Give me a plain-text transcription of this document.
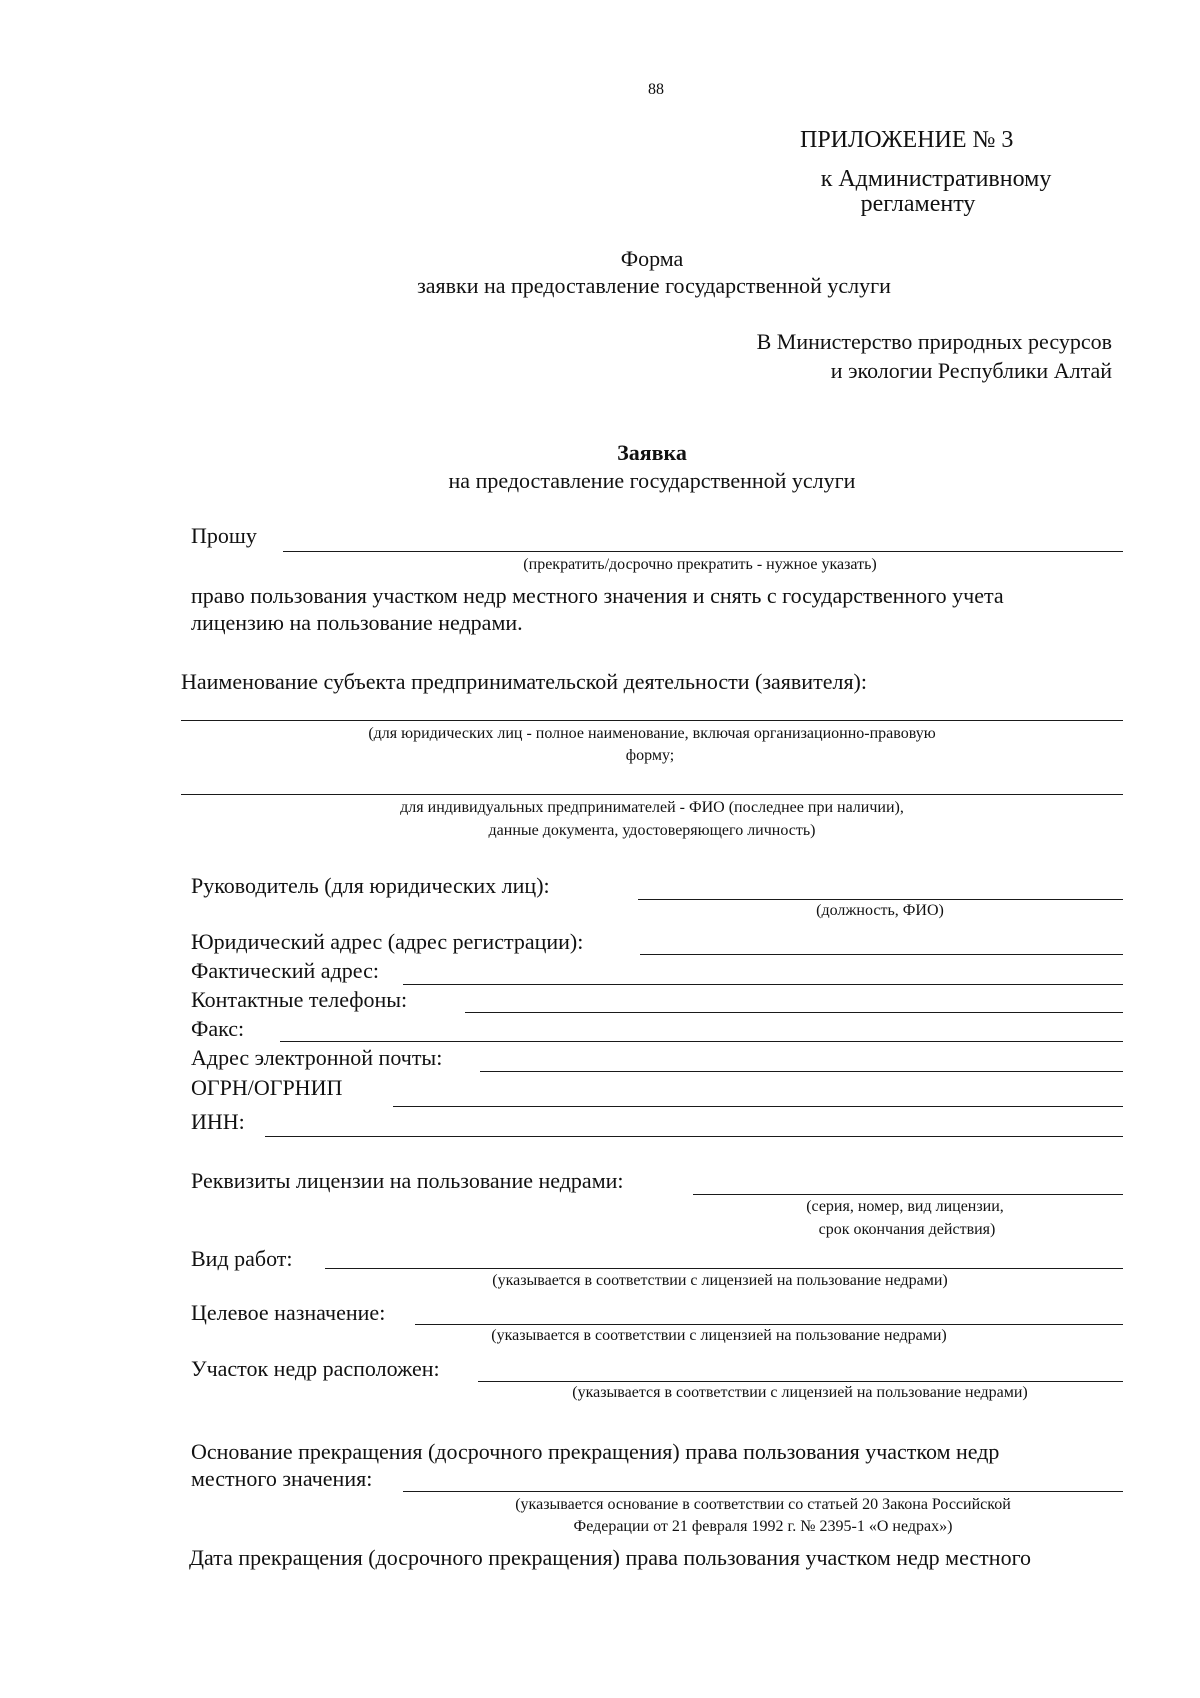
88
ПРИЛОЖЕНИЕ № 3
к Административному
регламенту
Форма
заявки на предоставление государственной услуги
В Министерство природных ресурсов
и экологии Республики Алтай
Заявка
на предоставление государственной услуги
Прошу
(прекратить/досрочно прекратить - нужное указать)
право пользования участком недр местного значения и снять с государственного учета
лицензию на пользование недрами.
Наименование субъекта предпринимательской деятельности (заявителя):
(для юридических лиц - полное наименование, включая организационно-правовую
форму;
для индивидуальных предпринимателей - ФИО (последнее при наличии),
данные документа, удостоверяющего личность)
Руководитель (для юридических лиц):
(должность, ФИО)
Юридический адрес (адрес регистрации):
Фактический адрес:
Контактные телефоны:
Факс:
Адрес электронной почты:
ОГРН/ОГРНИП
ИНН:
Реквизиты лицензии на пользование недрами:
(серия, номер, вид лицензии,
срок окончания действия)
Вид работ:
(указывается в соответствии с лицензией на пользование недрами)
Целевое назначение:
(указывается в соответствии с лицензией на пользование недрами)
Участок недр расположен:
(указывается в соответствии с лицензией на пользование недрами)
Основание прекращения (досрочного прекращения) права пользования участком недр
местного значения:
(указывается основание в соответствии со статьей 20 Закона Российской
Федерации от 21 февраля 1992 г. № 2395-1 «О недрах»)
Дата прекращения (досрочного прекращения) права пользования участком недр местного
